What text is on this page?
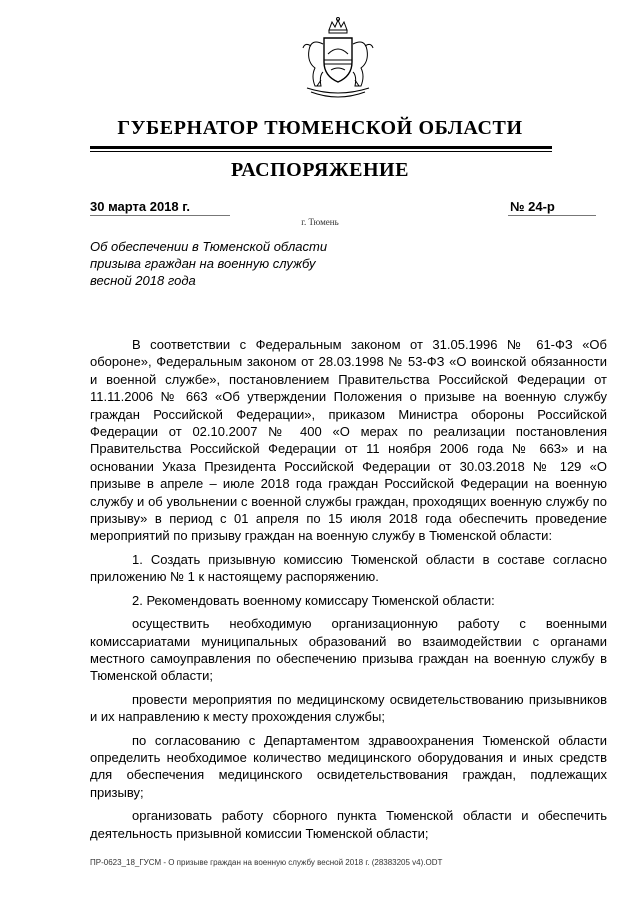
ГУБЕРНАТОР ТЮМЕНСКОЙ ОБЛАСТИ
РАСПОРЯЖЕНИЕ
30 марта 2018 г.	№ 24-р
г. Тюмень
Об обеспечении в Тюменской области призыва граждан на военную службу весной 2018 года

В соответствии с Федеральным законом от 31.05.1996 № 61-ФЗ «Об обороне», Федеральным законом от 28.03.1998 № 53-ФЗ «О воинской обязанности и военной службе», постановлением Правительства Российской Федерации от 11.11.2006 № 663 «Об утверждении Положения о призыве на военную службу граждан Российской Федерации», приказом Министра обороны Российской Федерации от 02.10.2007 № 400 «О мерах по реализации постановления Правительства Российской Федерации от 11 ноября 2006 года № 663» и на основании Указа Президента Российской Федерации от 30.03.2018 № 129 «О призыве в апреле – июле 2018 года граждан Российской Федерации на военную службу и об увольнении с военной службы граждан, проходящих военную службу по призыву» в период с 01 апреля по 15 июля 2018 года обеспечить проведение мероприятий по призыву граждан на военную службу в Тюменской области:

1. Создать призывную комиссию Тюменской области в составе согласно приложению № 1 к настоящему распоряжению.

2. Рекомендовать военному комиссару Тюменской области:

осуществить необходимую организационную работу с военными комиссариатами муниципальных образований во взаимодействии с органами местного самоуправления по обеспечению призыва граждан на военную службу в Тюменской области;

провести мероприятия по медицинскому освидетельствованию призывников и их направлению к месту прохождения службы;

по согласованию с Департаментом здравоохранения Тюменской области определить необходимое количество медицинского оборудования и иных средств для обеспечения медицинского освидетельствования граждан, подлежащих призыву;

организовать работу сборного пункта Тюменской области и обеспечить деятельность призывной комиссии Тюменской области;

ПР-0623_18_ГУСМ - О призыве граждан на военную службу весной 2018 г. (28383205 v4).ODT
